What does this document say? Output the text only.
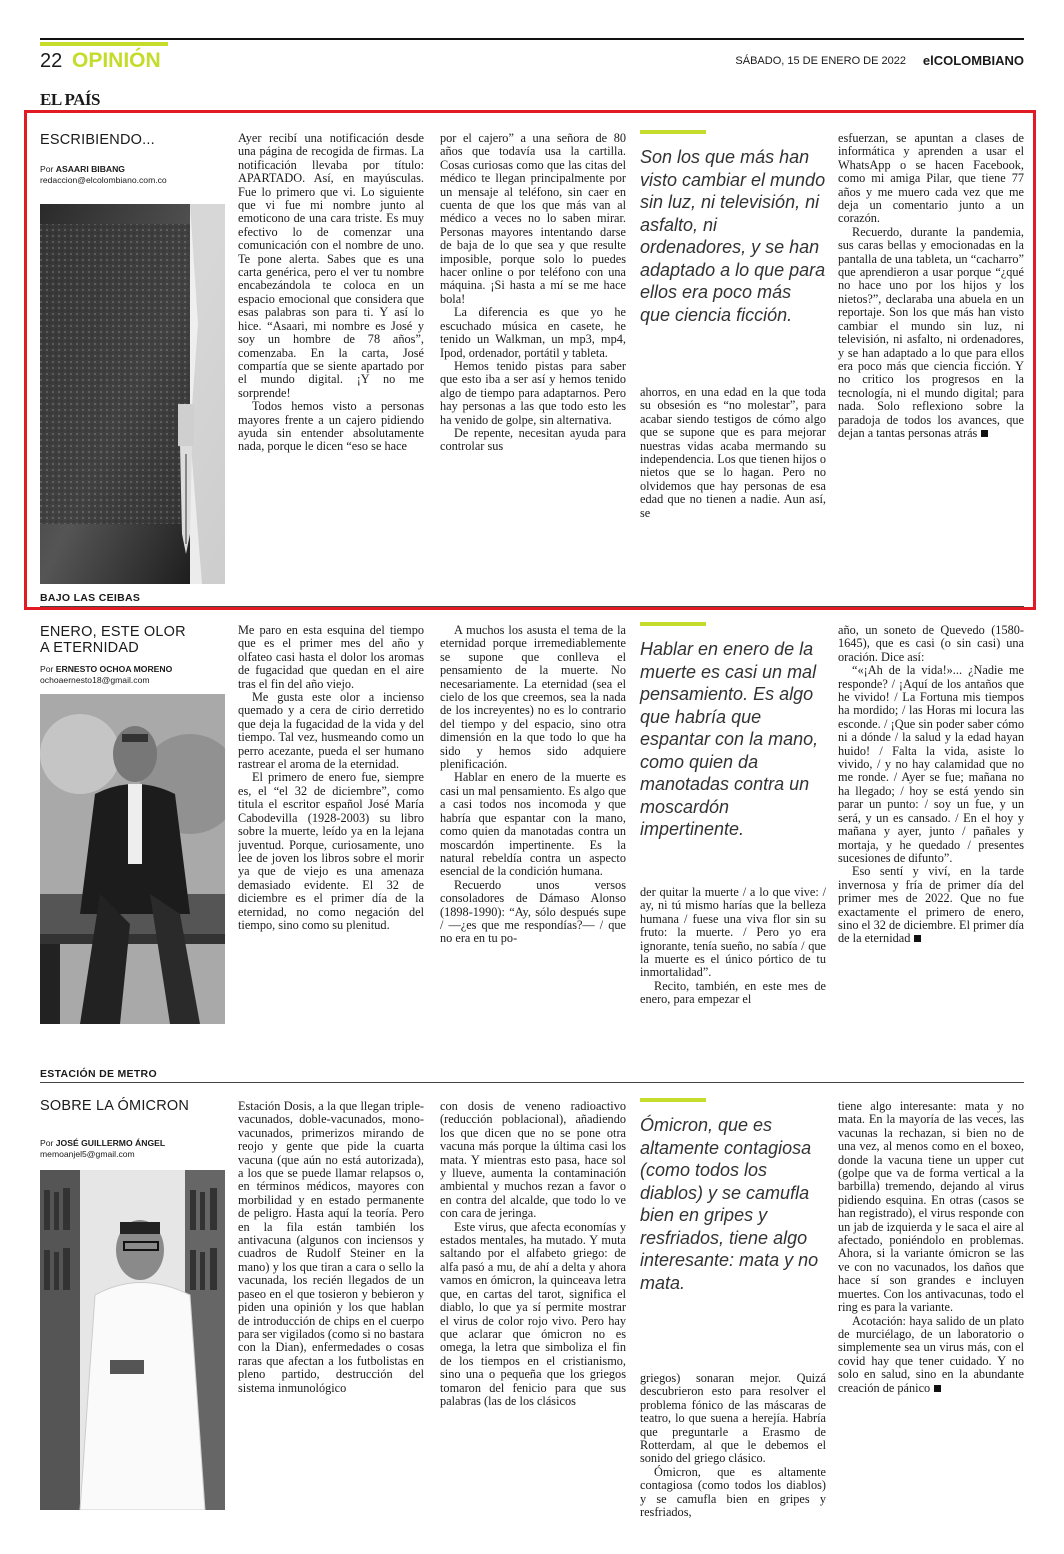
22 OPINIÓN	SÁBADO, 15 DE ENERO DE 2022 elCOLOMBIANO
EL PAÍS
ESCRIBIENDO...
Por ASAARI BIBANG
redaccion@elcolombiano.com.co

Ayer recibí una notificación desde una página de recogida de firmas. La notificación llevaba por título: APARTADO. Así, en mayúsculas. Fue lo primero que vi. Lo siguiente que vi fue mi nombre junto al emoticono de una cara triste. Es muy efectivo lo de comenzar una comunicación con el nombre de uno. Te pone alerta. Sabes que es una carta genérica, pero el ver tu nombre encabezándola te coloca en un espacio emocional que considera que esas palabras son para ti. Y así lo hice. “Asaari, mi nombre es José y soy un hombre de 78 años”, comenzaba. En la carta, José compartía que se siente apartado por el mundo digital. ¡Y no me sorprende!

Todos hemos visto a personas mayores frente a un cajero pidiendo ayuda sin entender absolutamente nada, porque le dicen “eso se hace

por el cajero” a una señora de 80 años que todavía usa la cartilla. Cosas curiosas como que las citas del médico te llegan principalmente por un mensaje al teléfono, sin caer en cuenta de que los que más van al médico a veces no lo saben mirar. Personas mayores intentando darse de baja de lo que sea y que resulte imposible, porque solo lo puedes hacer online o por teléfono con una máquina. ¡Si hasta a mí se me hace bola!

La diferencia es que yo he escuchado música en casete, he tenido un Walkman, un mp3, mp4, Ipod, ordenador, portátil y tableta.

Hemos tenido pistas para saber que esto iba a ser así y hemos tenido algo de tiempo para adaptarnos. Pero hay personas a las que todo esto les ha venido de golpe, sin alternativa.

De repente, necesitan ayuda para controlar sus

Son los que más han visto cambiar el mundo sin luz, ni televisión, ni asfalto, ni ordenadores, y se han adaptado a lo que para ellos era poco más que ciencia ficción.

ahorros, en una edad en la que toda su obsesión es “no molestar”, para acabar siendo testigos de cómo algo que se supone que es para mejorar nuestras vidas acaba mermando su independencia. Los que tienen hijos o nietos que se lo hagan. Pero no olvidemos que hay personas de esa edad que no tienen a nadie. Aun así, se

esfuerzan, se apuntan a clases de informática y aprenden a usar el WhatsApp o se hacen Facebook, como mi amiga Pilar, que tiene 77 años y me muero cada vez que me deja un comentario junto a un corazón.

Recuerdo, durante la pandemia, sus caras bellas y emocionadas en la pantalla de una tableta, un “cacharro” que aprendieron a usar porque “¿qué no hace uno por los hijos y los nietos?”, declaraba una abuela en un reportaje. Son los que más han visto cambiar el mundo sin luz, ni televisión, ni asfalto, ni ordenadores, y se han adaptado a lo que para ellos era poco más que ciencia ficción. Y no critico los progresos en la tecnología, ni el mundo digital; para nada. Solo reflexiono sobre la paradoja de todos los avances, que dejan a tantas personas atrás

BAJO LAS CEIBAS
ENERO, ESTE OLOR
A ETERNIDAD
Por ERNESTO OCHOA MORENO
ochoaernesto18@gmail.com

Me paro en esta esquina del tiempo que es el primer mes del año y olfateo casi hasta el dolor los aromas de fugacidad que quedan en el aire tras el fin del año viejo.

Me gusta este olor a incienso quemado y a cera de cirio derretido que deja la fugacidad de la vida y del tiempo. Tal vez, husmeando como un perro acezante, pueda el ser humano rastrear el aroma de la eternidad.

El primero de enero fue, siempre es, el “el 32 de diciembre”, como titula el escritor español José María Cabodevilla (1928-2003) su libro sobre la muerte, leído ya en la lejana juventud. Porque, curiosamente, uno lee de joven los libros sobre el morir ya que de viejo es una amenaza demasiado evidente. El 32 de diciembre es el primer día de la eternidad, no como negación del tiempo, sino como su plenitud.

A muchos los asusta el tema de la eternidad porque irremediablemente se supone que conlleva el pensamiento de la muerte. No necesariamente. La eternidad (sea el cielo de los que creemos, sea la nada de los increyentes) no es lo contrario del tiempo y del espacio, sino otra dimensión en la que todo lo que ha sido y hemos sido adquiere plenificación.

Hablar en enero de la muerte es casi un mal pensamiento. Es algo que a casi todos nos incomoda y que habría que espantar con la mano, como quien da manotadas contra un moscardón impertinente. Es la natural rebeldía contra un aspecto esencial de la condición humana.

Recuerdo unos versos consoladores de Dámaso Alonso (1898-1990): “Ay, sólo después supe / —¿es que me respondías?— / que no era en tu po-

Hablar en enero de la muerte es casi un mal pensamiento. Es algo que habría que espantar con la mano, como quien da manotadas contra un moscardón impertinente.

der quitar la muerte / a lo que vive: / ay, ni tú mismo harías que la belleza humana / fuese una viva flor sin su fruto: la muerte. / Pero yo era ignorante, tenía sueño, no sabía / que la muerte es el único pórtico de tu inmortalidad”.

Recito, también, en este mes de enero, para empezar el

año, un soneto de Quevedo (1580-1645), que es casi (o sin casi) una oración. Dice así:

“«¡Ah de la vida!»... ¿Nadie me responde? / ¡Aquí de los antaños que he vivido! / La Fortuna mis tiempos ha mordido; / las Horas mi locura las esconde. / ¡Que sin poder saber cómo ni a dónde / la salud y la edad hayan huido! / Falta la vida, asiste lo vivido, / y no hay calamidad que no me ronde. / Ayer se fue; mañana no ha llegado; / hoy se está yendo sin parar un punto: / soy un fue, y un será, y un es cansado. / En el hoy y mañana y ayer, junto / pañales y mortaja, y he quedado / presentes sucesiones de difunto”.

Eso sentí y viví, en la tarde invernosa y fría de primer día del primer mes de 2022. Que no fue exactamente el primero de enero, sino el 32 de diciembre. El primer día de la eternidad

ESTACIÓN DE METRO
SOBRE LA ÓMICRON
Por JOSÉ GUILLERMO ÁNGEL
memoanjel5@gmail.com

Estación Dosis, a la que llegan triple-vacunados, doble-vacunados, mono-vacunados, primerizos mirando de reojo y gente que pide la cuarta vacuna (que aún no está autorizada), a los que se puede llamar relapsos o, en términos médicos, mayores con morbilidad y en estado permanente de peligro. Hasta aquí la teoría. Pero en la fila están también los antivacuna (algunos con inciensos y cuadros de Rudolf Steiner en la mano) y los que tiran a cara o sello la vacunada, los recién llegados de un paseo en el que tosieron y bebieron y piden una opinión y los que hablan de introducción de chips en el cuerpo para ser vigilados (como si no bastara con la Dian), enfermedades o cosas raras que afectan a los futbolistas en pleno partido, destrucción del sistema inmunológico

con dosis de veneno radioactivo (reducción poblacional), añadiendo los que dicen que no se pone otra vacuna más porque la última casi los mata. Y mientras esto pasa, hace sol y llueve, aumenta la contaminación ambiental y muchos rezan a favor o en contra del alcalde, que todo lo ve con cara de jeringa.

Este virus, que afecta economías y estados mentales, ha mutado. Y muta saltando por el alfabeto griego: de alfa pasó a mu, de ahí a delta y ahora vamos en ómicron, la quinceava letra que, en cartas del tarot, significa el diablo, lo que ya sí permite mostrar el virus de color rojo vivo. Pero hay que aclarar que ómicron no es omega, la letra que simboliza el fin de los tiempos en el cristianismo, sino una o pequeña que los griegos tomaron del fenicio para que sus palabras (las de los clásicos

Ómicron, que es altamente contagiosa (como todos los diablos) y se camufla bien en gripes y resfriados, tiene algo interesante: mata y no mata.

griegos) sonaran mejor. Quizá descubrieron esto para resolver el problema fónico de las máscaras de teatro, lo que suena a herejía. Habría que preguntarle a Erasmo de Rotterdam, al que le debemos el sonido del griego clásico.

Ómicron, que es altamente contagiosa (como todos los diablos) y se camufla bien en gripes y resfriados,

tiene algo interesante: mata y no mata. En la mayoría de las veces, las vacunas la rechazan, si bien no de una vez, al menos como en el boxeo, donde la vacuna tiene un upper cut (golpe que va de forma vertical a la barbilla) tremendo, dejando al virus pidiendo esquina. En otras (casos se han registrado), el virus responde con un jab de izquierda y le saca el aire al afectado, poniéndolo en problemas. Ahora, si la variante ómicron se las ve con no vacunados, los daños que hace sí son grandes e incluyen muertes. Con los antivacunas, todo el ring es para la variante.

Acotación: haya salido de un plato de murciélago, de un laboratorio o simplemente sea un virus más, con el covid hay que tener cuidado. Y no solo en salud, sino en la abundante creación de pánico
